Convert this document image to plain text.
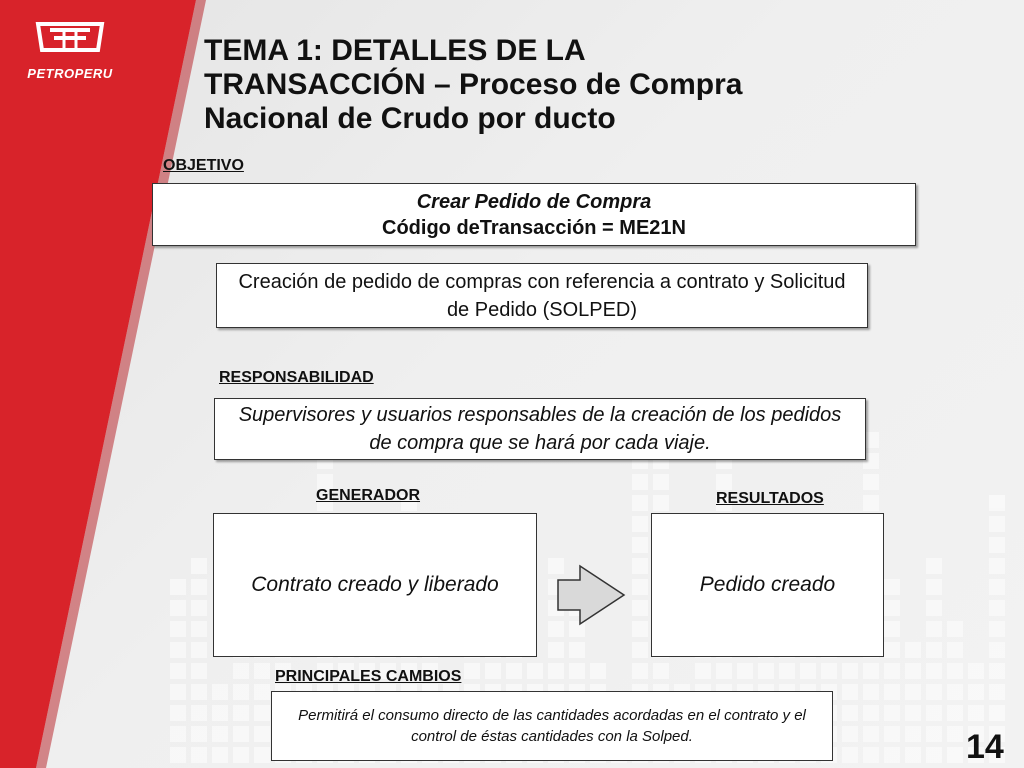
PETROPERU
TEMA 1: DETALLES DE LA
TRANSACCIÓN – Proceso de Compra
Nacional de Crudo por ducto
OBJETIVO
Crear Pedido de Compra
Código deTransacción = ME21N
Creación de pedido de compras con referencia a contrato y Solicitud de Pedido (SOLPED)
RESPONSABILIDAD
Supervisores y usuarios responsables de la creación de los pedidos de compra que se hará por cada viaje.
GENERADOR	RESULTADOS
Contrato creado y liberado	Pedido creado
PRINCIPALES CAMBIOS
Permitirá el consumo directo de las cantidades acordadas en el contrato y el control de éstas cantidades con la Solped.	14
